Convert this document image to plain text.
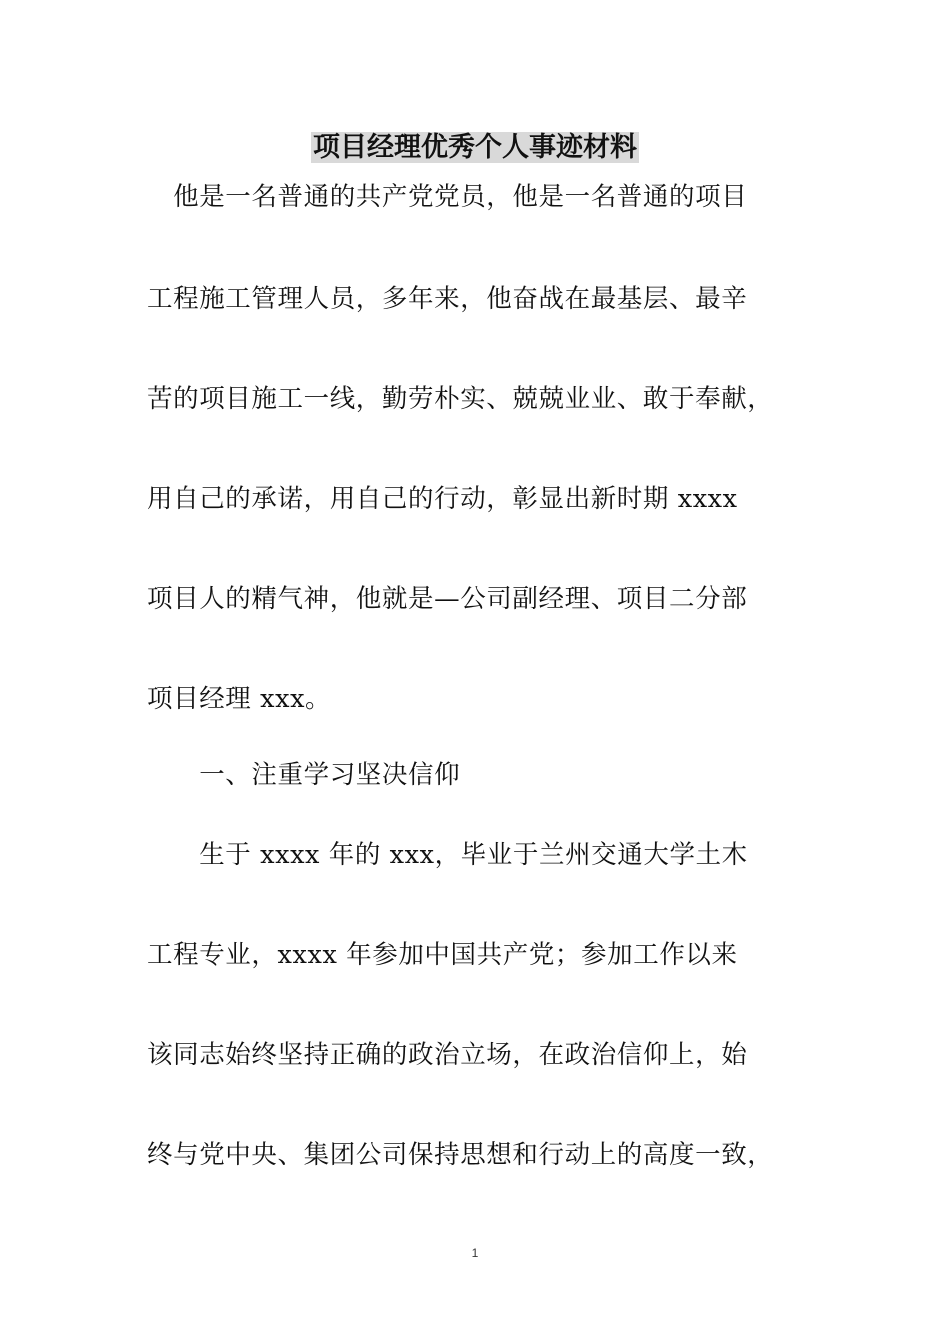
项目经理优秀个人事迹材料

　他是一名普通的共产党党员，他是一名普通的项目

工程施工管理人员，多年来，他奋战在最基层、最辛

苦的项目施工一线，勤劳朴实、兢兢业业、敢于奉献，

用自己的承诺，用自己的行动，彰显出新时期 xxxx

项目人的精气神，他就是—公司副经理、项目二分部

项目经理 xxx。

　　一、注重学习坚决信仰

　　生于 xxxx 年的 xxx，毕业于兰州交通大学土木

工程专业，xxxx 年参加中国共产党；参加工作以来

该同志始终坚持正确的政治立场，在政治信仰上，始

终与党中央、集团公司保持思想和行动上的高度一致，

1
